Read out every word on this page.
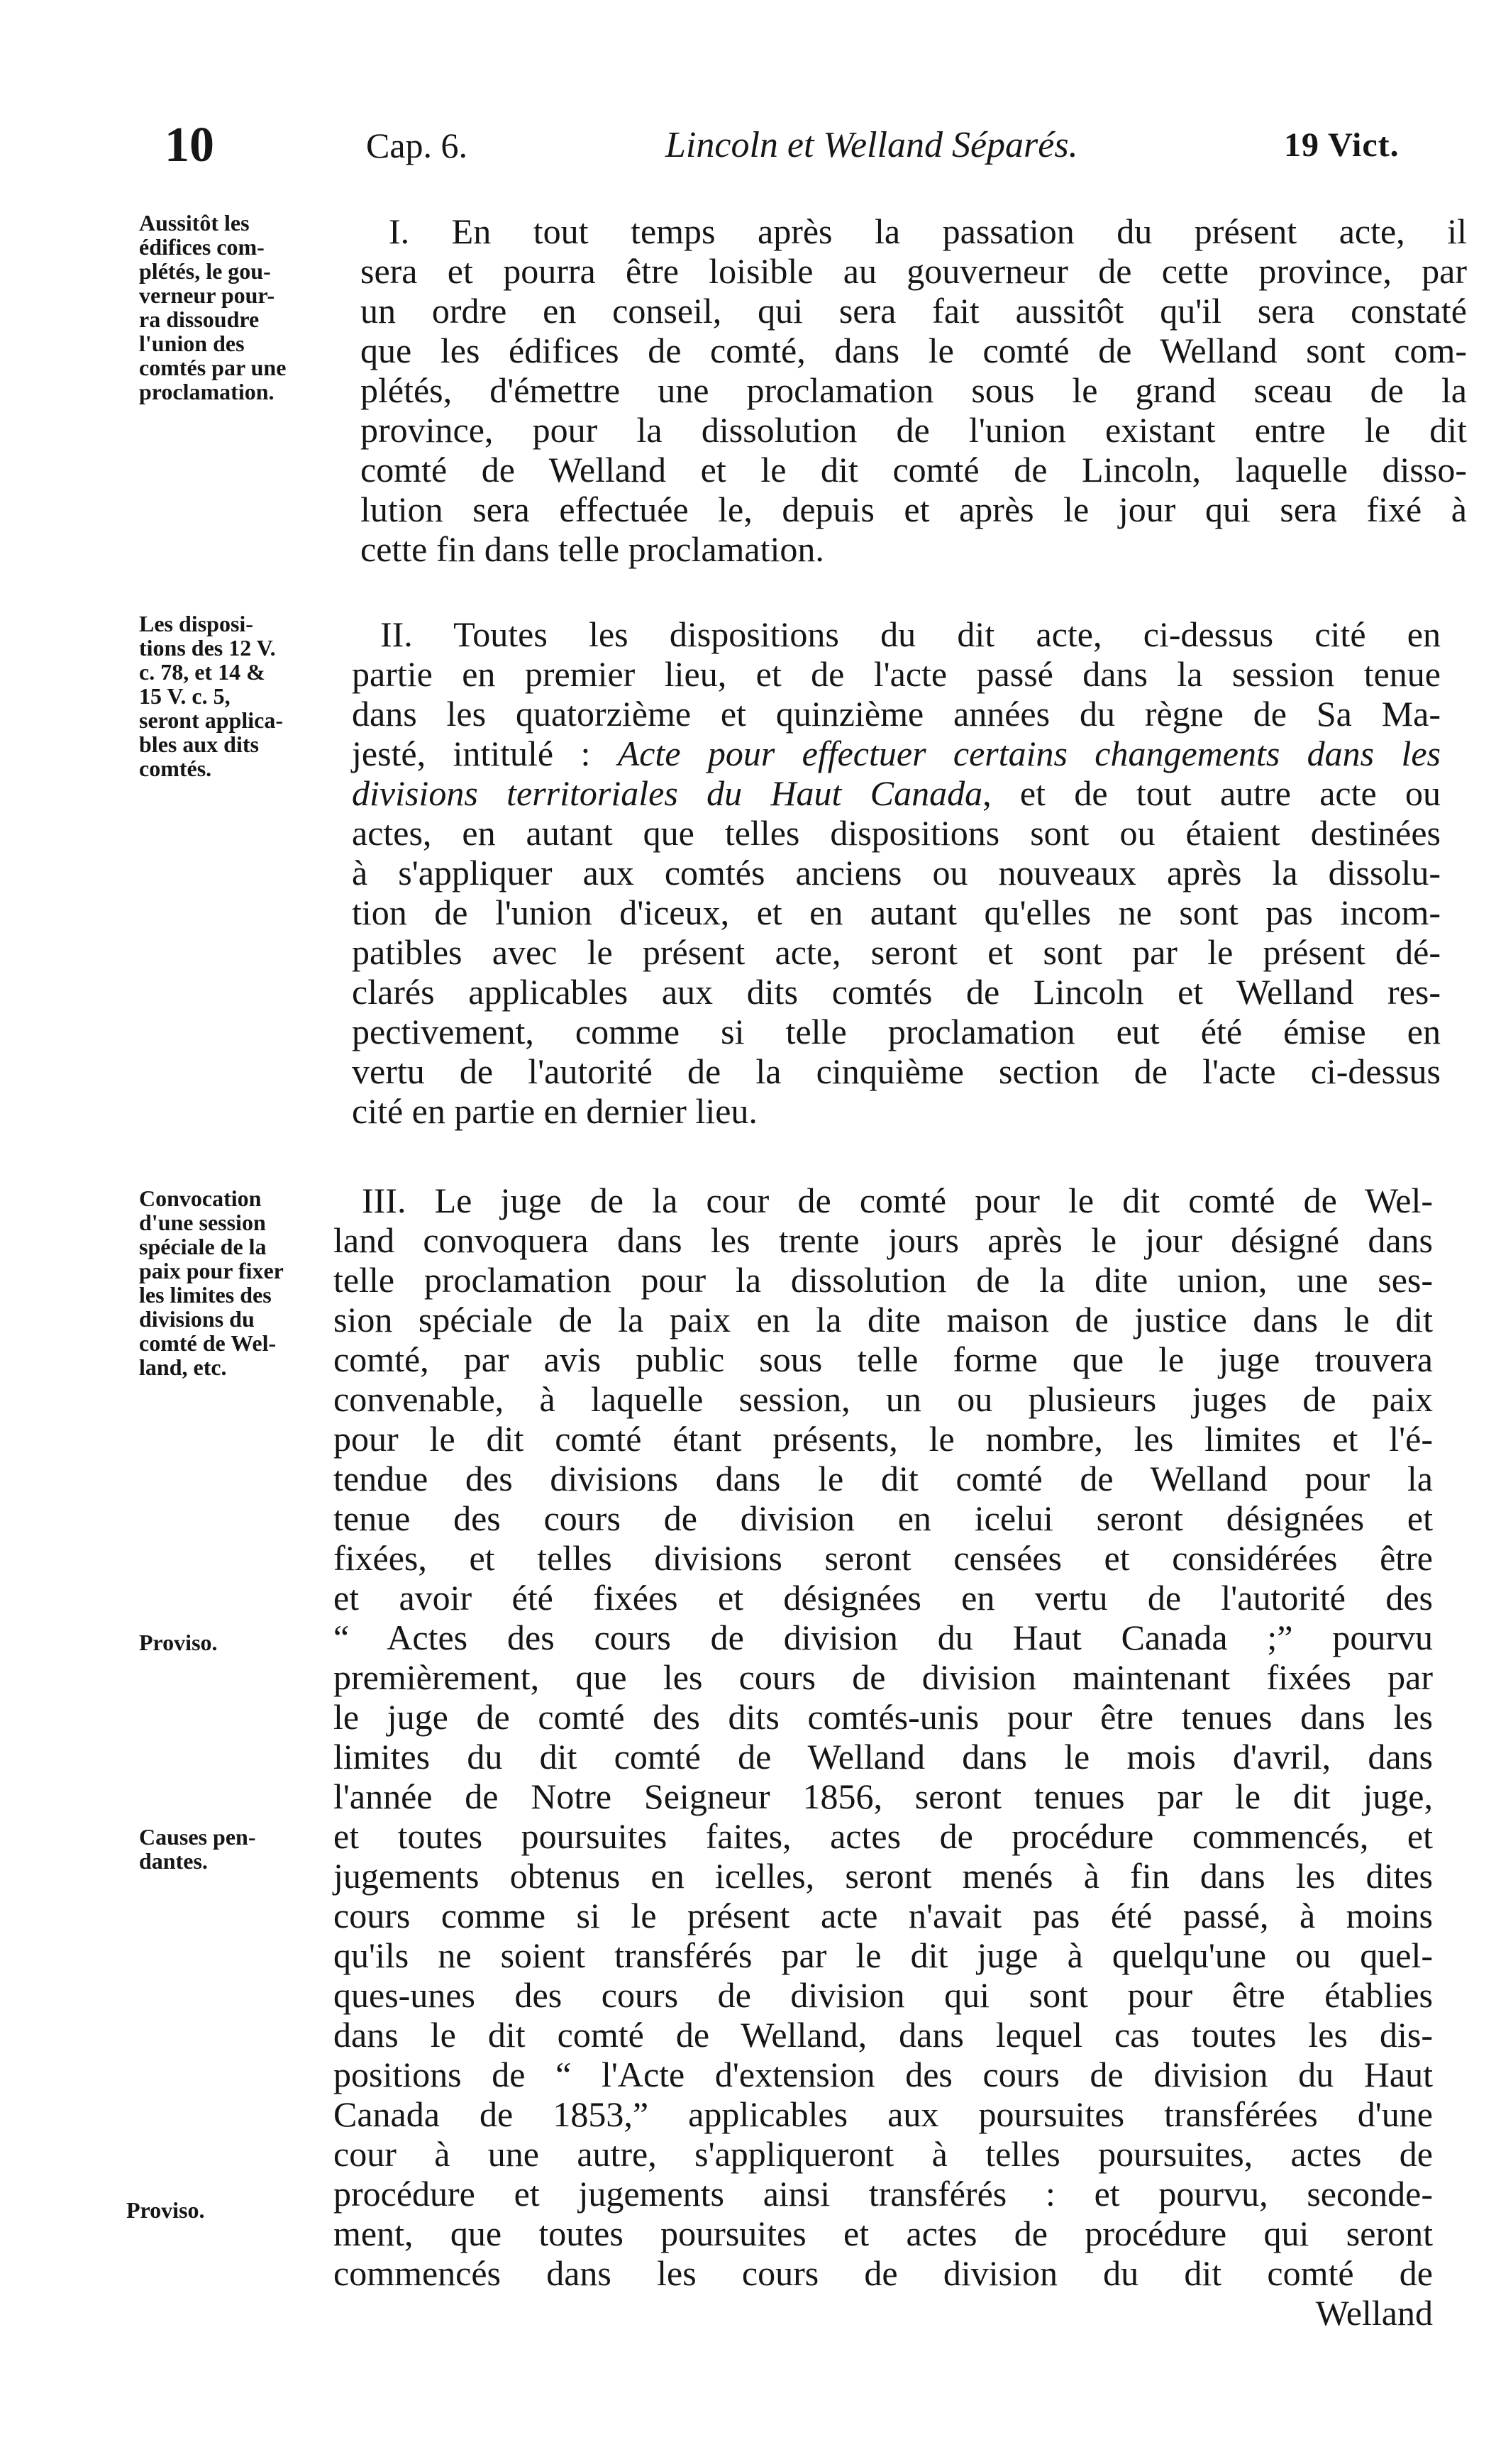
10	Cap. 6.	Lincoln et Welland Séparés.	19 Vict.
Aussitôt les
édifices com-
plétés, le gou-
verneur pour-
ra dissoudre
l'union des
comtés par une
proclamation.
Les disposi-
tions des 12 V.
c. 78, et 14 &
15 V. c. 5,
seront applica-
bles aux dits
comtés.
Convocation
d'une session
spéciale de la
paix pour fixer
les limites des
divisions du
comté de Wel-
land, etc.
Proviso.
Causes pen-
dantes.
Proviso.
I. En tout temps après la passation du présent acte, il
sera et pourra être loisible au gouverneur de cette province, par
un ordre en conseil, qui sera fait aussitôt qu'il sera constaté
que les édifices de comté, dans le comté de Welland sont com-
plétés, d'émettre une proclamation sous le grand sceau de la
province, pour la dissolution de l'union existant entre le dit
comté de Welland et le dit comté de Lincoln, laquelle disso-
lution sera effectuée le, depuis et après le jour qui sera fixé à
cette fin dans telle proclamation.
II. Toutes les dispositions du dit acte, ci-dessus cité en
partie en premier lieu, et de l'acte passé dans la session tenue
dans les quatorzième et quinzième années du règne de Sa Ma-
jesté, intitulé : Acte pour effectuer certains changements dans les
divisions territoriales du Haut Canada, et de tout autre acte ou
actes, en autant que telles dispositions sont ou étaient destinées
à s'appliquer aux comtés anciens ou nouveaux après la dissolu-
tion de l'union d'iceux, et en autant qu'elles ne sont pas incom-
patibles avec le présent acte, seront et sont par le présent dé-
clarés applicables aux dits comtés de Lincoln et Welland res-
pectivement, comme si telle proclamation eut été émise en
vertu de l'autorité de la cinquième section de l'acte ci-dessus
cité en partie en dernier lieu.
III. Le juge de la cour de comté pour le dit comté de Wel-
land convoquera dans les trente jours après le jour désigné dans
telle proclamation pour la dissolution de la dite union, une ses-
sion spéciale de la paix en la dite maison de justice dans le dit
comté, par avis public sous telle forme que le juge trouvera
convenable, à laquelle session, un ou plusieurs juges de paix
pour le dit comté étant présents, le nombre, les limites et l'é-
tendue des divisions dans le dit comté de Welland pour la
tenue des cours de division en icelui seront désignées et
fixées, et telles divisions seront censées et considérées être
et avoir été fixées et désignées en vertu de l'autorité des
“ Actes des cours de division du Haut Canada ;” pourvu
premièrement, que les cours de division maintenant fixées par
le juge de comté des dits comtés-unis pour être tenues dans les
limites du dit comté de Welland dans le mois d'avril, dans
l'année de Notre Seigneur 1856, seront tenues par le dit juge,
et toutes poursuites faites, actes de procédure commencés, et
jugements obtenus en icelles, seront menés à fin dans les dites
cours comme si le présent acte n'avait pas été passé, à moins
qu'ils ne soient transférés par le dit juge à quelqu'une ou quel-
ques-unes des cours de division qui sont pour être établies
dans le dit comté de Welland, dans lequel cas toutes les dis-
positions de “ l'Acte d'extension des cours de division du Haut
Canada de 1853,” applicables aux poursuites transférées d'une
cour à une autre, s'appliqueront à telles poursuites, actes de
procédure et jugements ainsi transférés : et pourvu, seconde-
ment, que toutes poursuites et actes de procédure qui seront
commencés dans les cours de division du dit comté de
Welland
